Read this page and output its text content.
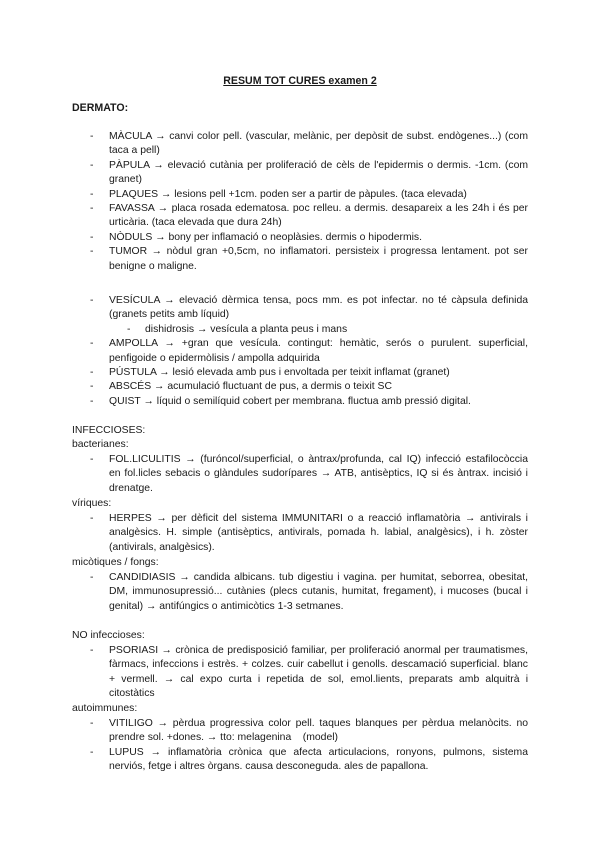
RESUM TOT CURES examen 2
DERMATO:
- MÀCULA → canvi color pell. (vascular, melànic, per depòsit de subst. endògenes...) (com taca a pell)
- PÀPULA → elevació cutània per proliferació de cèls de l'epidermis o dermis. -1cm. (com granet)
- PLAQUES → lesions pell +1cm. poden ser a partir de pàpules. (taca elevada)
- FAVASSA → placa rosada edematosa. poc relleu. a dermis. desapareix a les 24h i és per urticària. (taca elevada que dura 24h)
- NÒDULS → bony per inflamació o neoplàsies. dermis o hipodermis.
- TUMOR → nòdul gran +0,5cm, no inflamatori. persisteix i progressa lentament. pot ser benigne o maligne.
- VESÍCULA → elevació dèrmica tensa, pocs mm. es pot infectar. no té càpsula definida (granets petits amb líquid)
- dishidrosis → vesícula a planta peus i mans
- AMPOLLA → +gran que vesícula. contingut: hemàtic, serós o purulent. superficial, penfigoide o epidermòlisis / ampolla adquirida
- PÚSTULA → lesió elevada amb pus i envoltada per teixit inflamat (granet)
- ABSCÉS → acumulació fluctuant de pus, a dermis o teixit SC
- QUIST → líquid o semilíquid cobert per membrana. fluctua amb pressió digital.
INFECCIOSES:
bacterianes:
- FOL.LICULITIS → (furóncol/superficial, o àntrax/profunda, cal IQ) infecció estafilocòccia en fol.licles sebacis o glàndules sudorípares → ATB, antisèptics, IQ si és àntrax. incisió i drenatge.
víriques:
- HERPES → per dèficit del sistema IMMUNITARI o a reacció inflamatòria → antivirals i analgèsics. H. simple (antisèptics, antivirals, pomada h. labial, analgèsics), i h. zòster (antivirals, analgèsics).
micòtiques / fongs:
- CANDIDIASIS → candida albicans. tub digestiu i vagina. per humitat, seborrea, obesitat, DM, immunosupressió... cutànies (plecs cutanis, humitat, fregament), i mucoses (bucal i genital) → antifúngics o antimicòtics 1-3 setmanes.
NO infeccioses:
- PSORIASI → crònica de predisposició familiar, per proliferació anormal per traumatismes, fàrmacs, infeccions i estrès. + colzes. cuir cabellut i genolls. descamació superficial. blanc + vermell. → cal expo curta i repetida de sol, emol.lients, preparats amb alquitrà i citostàtics
autoimmunes:
- VITILIGO → pèrdua progressiva color pell. taques blanques per pèrdua melanòcits. no prendre sol. +dones. → tto: melagenina    (model)
- LUPUS → inflamatòria crònica que afecta articulacions, ronyons, pulmons, sistema nerviós, fetge i altres òrgans. causa desconeguda. ales de papallona.
